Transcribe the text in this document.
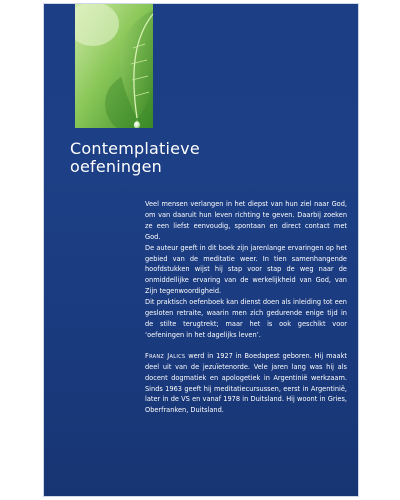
Contemplatieve
oefeningen

Veel mensen verlangen in het diepst van hun ziel naar God, om van daaruit hun leven richting te geven. Daarbij zoeken ze een liefst eenvoudig, spontaan en direct contact met God.

De auteur geeft in dit boek zijn jarenlange ervaringen op het gebied van de meditatie weer. In tien samenhangende hoofdstukken wijst hij stap voor stap de weg naar de onmiddellijke ervaring van de werkelijkheid van God, van Zijn tegenwoordigheid.

Dit praktisch oefenboek kan dienst doen als inleiding tot een gesloten retraite, waarin men zich gedurende enige tijd in de stilte terugtrekt; maar het is ook geschikt voor ‘oefeningen in het dagelijks leven’.

Franz Jalics werd in 1927 in Boedapest geboren. Hij maakt deel uit van de jezuïetenorde. Vele jaren lang was hij als docent dogmatiek en apologetiek in Argentinië werkzaam. Sinds 1963 geeft hij meditatiecursussen, eerst in Argentinië, later in de VS en vanaf 1978 in Duitsland. Hij woont in Gries, Oberfranken, Duitsland.
